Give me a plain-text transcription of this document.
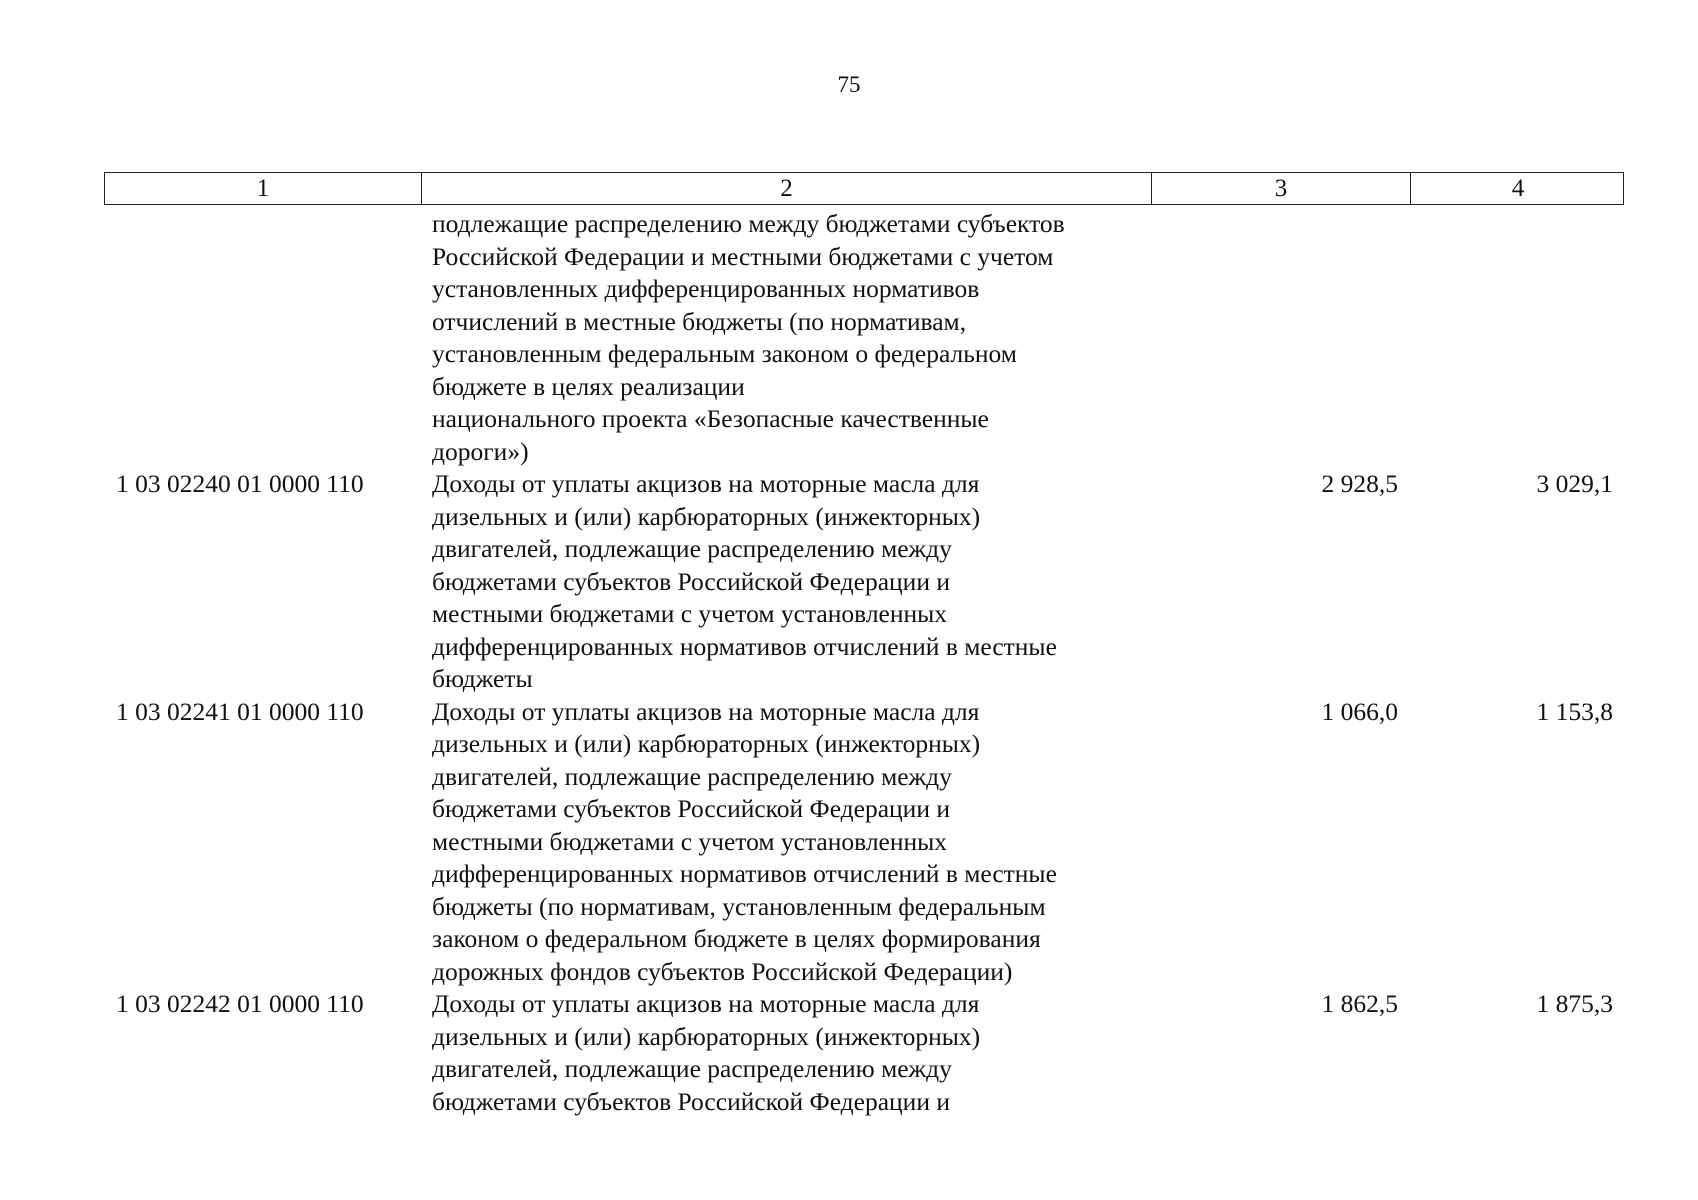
75
1	2	3	4
подлежащие распределению между бюджетами субъектов
Российской Федерации и местными бюджетами с учетом
установленных дифференцированных нормативов
отчислений в местные бюджеты (по нормативам,
установленным федеральным законом о федеральном
бюджете в целях реализации
национального проекта «Безопасные качественные
дороги»)
1 03 02240 01 0000 110	Доходы от уплаты акцизов на моторные масла для
дизельных и (или) карбюраторных (инжекторных)
двигателей, подлежащие распределению между
бюджетами субъектов Российской Федерации и
местными бюджетами с учетом установленных
дифференцированных нормативов отчислений в местные
бюджеты
2 928,5	3 029,1
1 03 02241 01 0000 110	Доходы от уплаты акцизов на моторные масла для
дизельных и (или) карбюраторных (инжекторных)
двигателей, подлежащие распределению между
бюджетами субъектов Российской Федерации и
местными бюджетами с учетом установленных
дифференцированных нормативов отчислений в местные
бюджеты (по нормативам, установленным федеральным
законом о федеральном бюджете в целях формирования
дорожных фондов субъектов Российской Федерации)
1 066,0	1 153,8
1 03 02242 01 0000 110	Доходы от уплаты акцизов на моторные масла для
дизельных и (или) карбюраторных (инжекторных)
двигателей, подлежащие распределению между
бюджетами субъектов Российской Федерации и
1 862,5	1 875,3
